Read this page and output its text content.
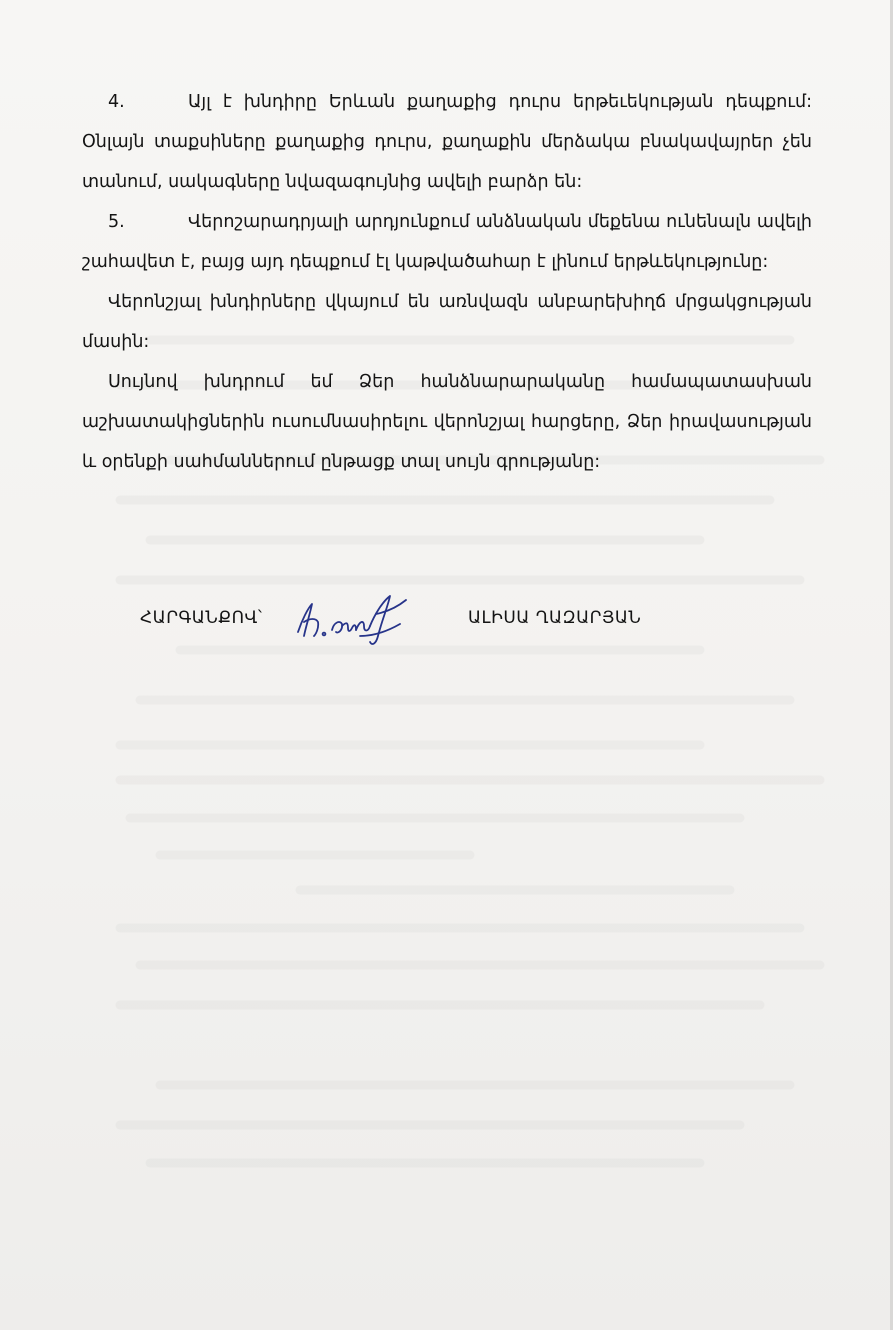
4.	Այլ է խնդիրը Երևան քաղաքից դուրս երթեւեկության դեպքում: Օնլայն տաքսիները քաղաքից դուրս, քաղաքին մերձակա բնակավայրեր չեն տանում, սակագները նվազագույնից ավելի բարձր են:

5.	Վերոշարադրյալի արդյունքում անձնական մեքենա ունենալն ավելի շահավետ է, բայց այդ դեպքում էլ կաթվածահար է լինում երթևեկությունը:

Վերոնշյալ խնդիրները վկայում են առնվազն անբարեխիղճ մրցակցության մասին:

Սույնով խնդրում եմ Ձեր հանձնարարականը համապատասխան աշխատակիցներին ուսումնասիրելու վերոնշյալ հարցերը, Ձեր իրավասության և օրենքի սահմաններում ընթացք տալ սույն գրությանը:

ՀԱՐԳԱՆՔՈՎ՝	ԱԼԻՍԱ ՂԱԶԱՐՅԱՆ
